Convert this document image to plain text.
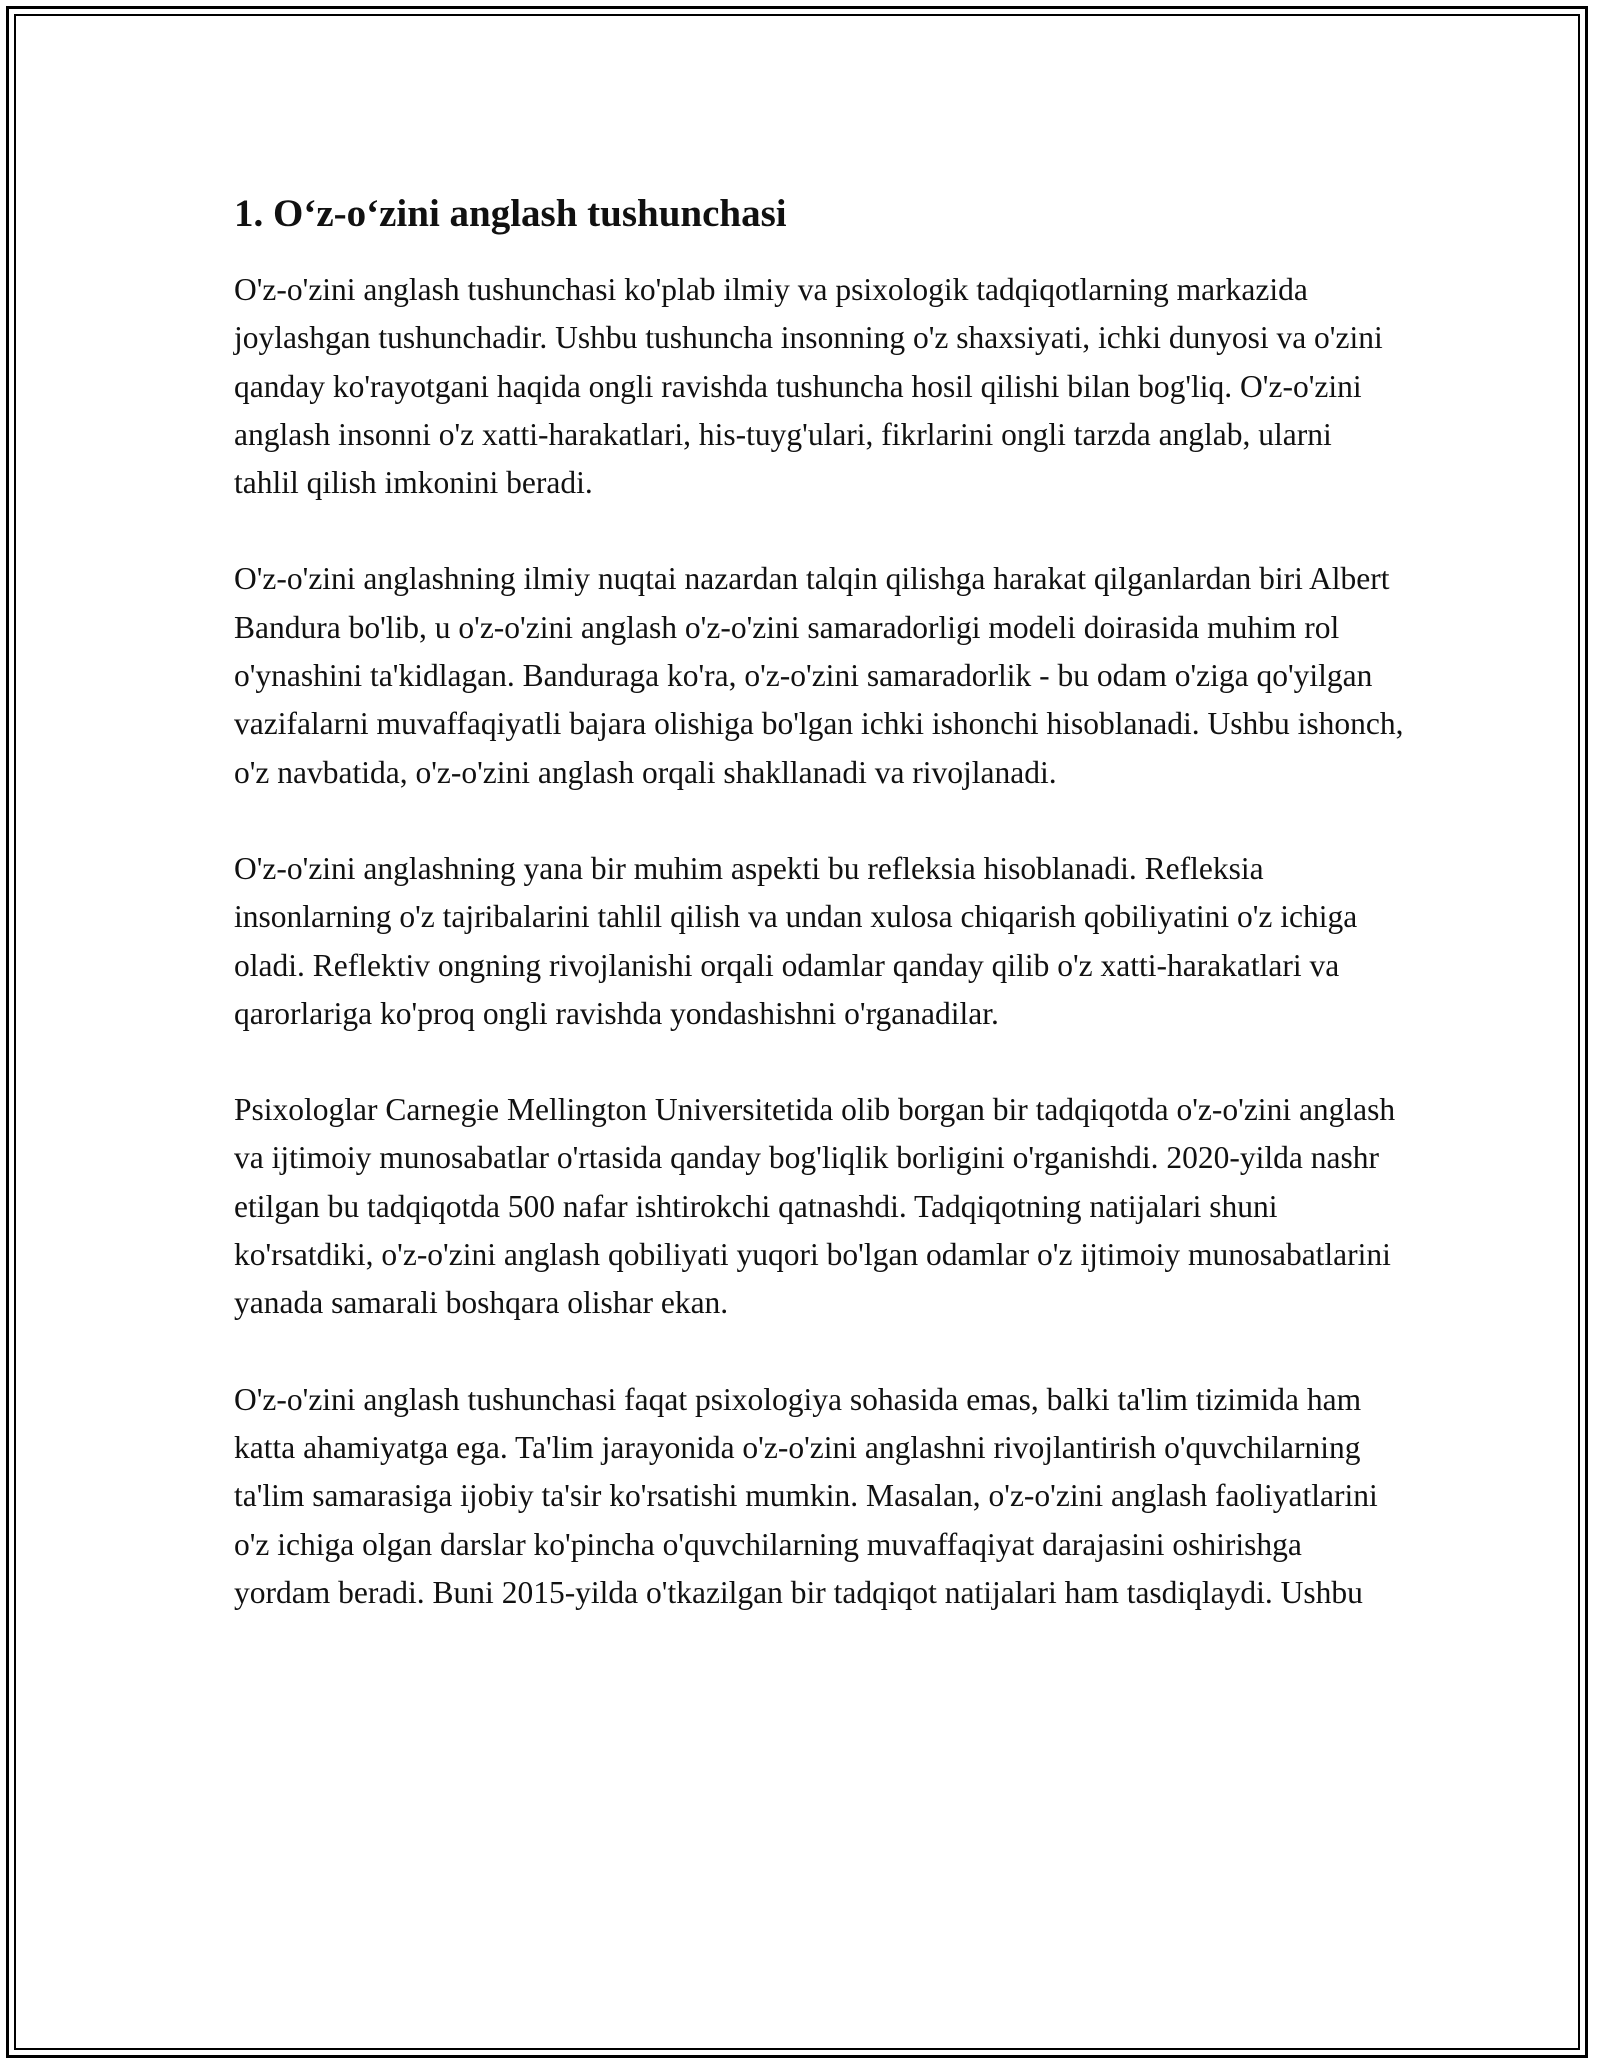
1. O‘z-o‘zini anglash tushunchasi

O'z-o'zini anglash tushunchasi ko'plab ilmiy va psixologik tadqiqotlarning markazida joylashgan tushunchadir. Ushbu tushuncha insonning o'z shaxsiyati, ichki dunyosi va o'zini qanday ko'rayotgani haqida ongli ravishda tushuncha hosil qilishi bilan bog'liq. O'z-o'zini anglash insonni o'z xatti-harakatlari, his-tuyg'ulari, fikrlarini ongli tarzda anglab, ularni tahlil qilish imkonini beradi.

O'z-o'zini anglashning ilmiy nuqtai nazardan talqin qilishga harakat qilganlardan biri Albert Bandura bo'lib, u o'z-o'zini anglash o'z-o'zini samaradorligi modeli doirasida muhim rol o'ynashini ta'kidlagan. Banduraga ko'ra, o'z-o'zini samaradorlik - bu odam o'ziga qo'yilgan vazifalarni muvaffaqiyatli bajara olishiga bo'lgan ichki ishonchi hisoblanadi. Ushbu ishonch, o'z navbatida, o'z-o'zini anglash orqali shakllanadi va rivojlanadi.

O'z-o'zini anglashning yana bir muhim aspekti bu refleksia hisoblanadi. Refleksia insonlarning o'z tajribalarini tahlil qilish va undan xulosa chiqarish qobiliyatini o'z ichiga oladi. Reflektiv ongning rivojlanishi orqali odamlar qanday qilib o'z xatti-harakatlari va qarorlariga ko'proq ongli ravishda yondashishni o'rganadilar.

Psixologlar Carnegie Mellington Universitetida olib borgan bir tadqiqotda o'z-o'zini anglash va ijtimoiy munosabatlar o'rtasida qanday bog'liqlik borligini o'rganishdi. 2020-yilda nashr etilgan bu tadqiqotda 500 nafar ishtirokchi qatnashdi. Tadqiqotning natijalari shuni ko'rsatdiki, o'z-o'zini anglash qobiliyati yuqori bo'lgan odamlar o'z ijtimoiy munosabatlarini yanada samarali boshqara olishar ekan.

O'z-o'zini anglash tushunchasi faqat psixologiya sohasida emas, balki ta'lim tizimida ham katta ahamiyatga ega. Ta'lim jarayonida o'z-o'zini anglashni rivojlantirish o'quvchilarning ta'lim samarasiga ijobiy ta'sir ko'rsatishi mumkin. Masalan, o'z-o'zini anglash faoliyatlarini o'z ichiga olgan darslar ko'pincha o'quvchilarning muvaffaqiyat darajasini oshirishga yordam beradi. Buni 2015-yilda o'tkazilgan bir tadqiqot natijalari ham tasdiqlaydi. Ushbu
